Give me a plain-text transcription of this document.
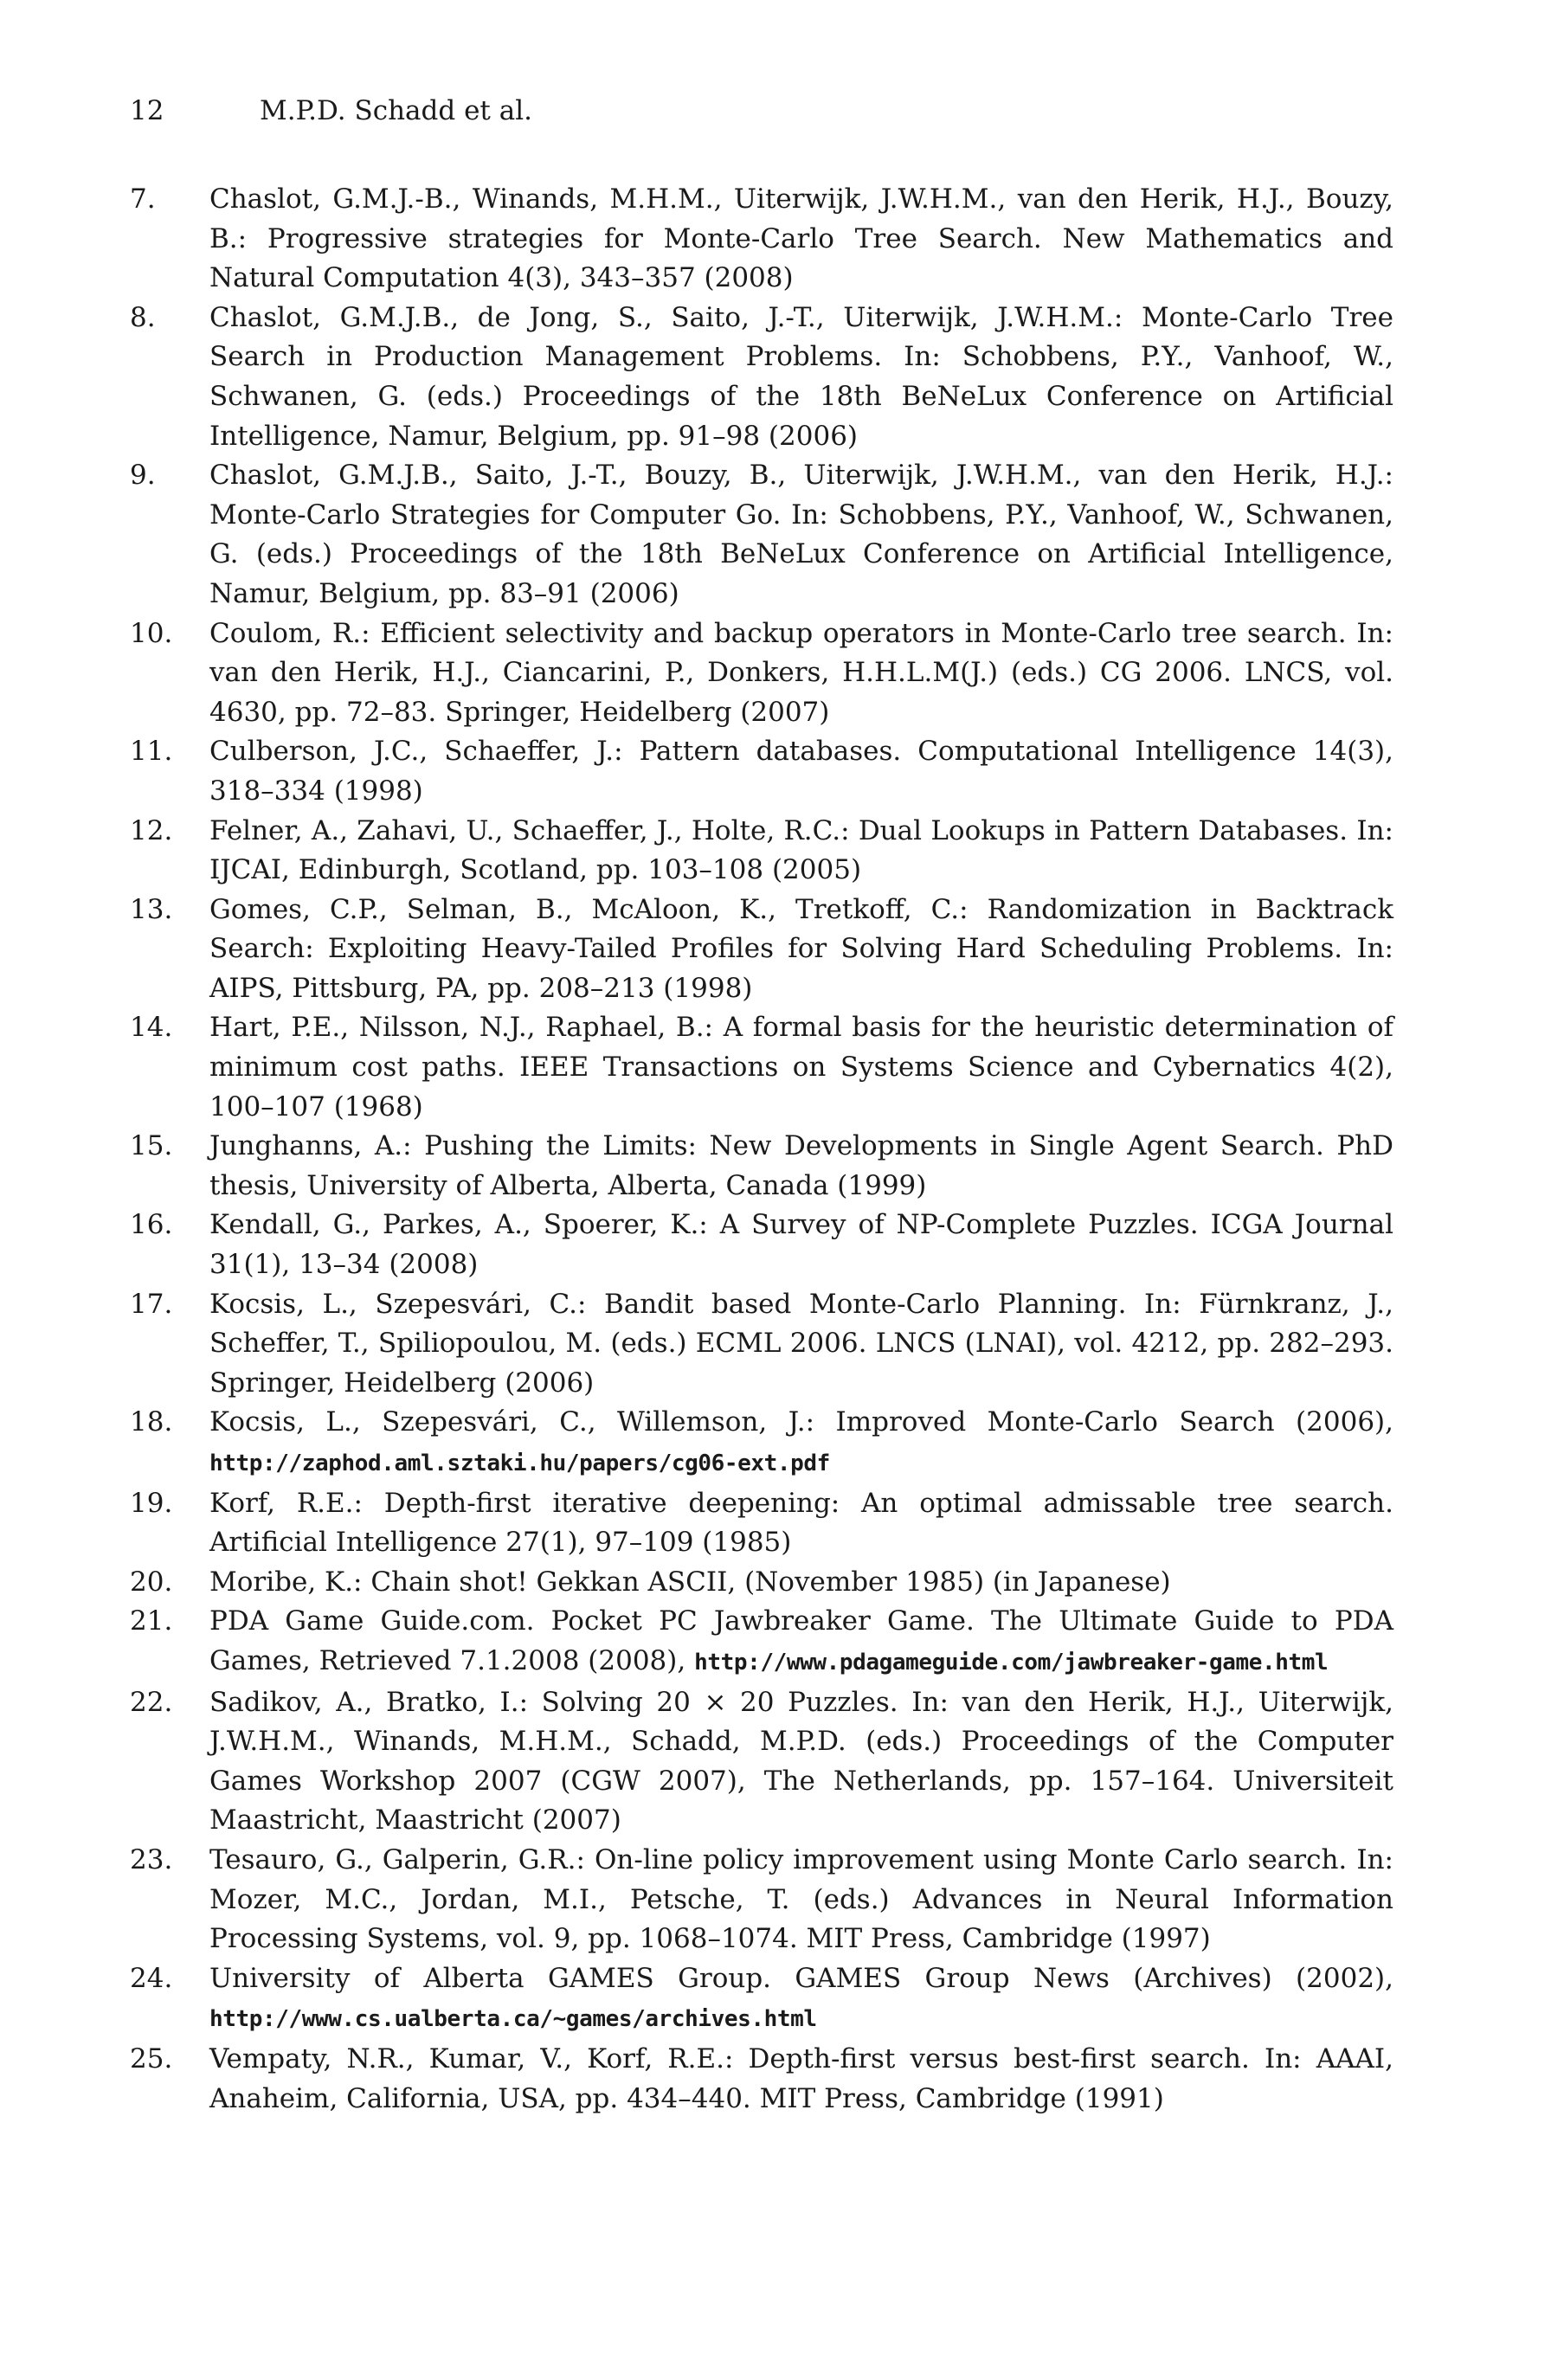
12	M.P.D. Schadd et al.
7.	Chaslot, G.M.J.-B., Winands, M.H.M., Uiterwijk, J.W.H.M., van den Herik, H.J., Bouzy, B.: Progressive strategies for Monte-Carlo Tree Search. New Mathematics and Natural Computation 4(3), 343–357 (2008)
8.	Chaslot, G.M.J.B., de Jong, S., Saito, J.-T., Uiterwijk, J.W.H.M.: Monte-Carlo Tree Search in Production Management Problems. In: Schobbens, P.Y., Vanhoof, W., Schwanen, G. (eds.) Proceedings of the 18th BeNeLux Conference on Artificial Intelligence, Namur, Belgium, pp. 91–98 (2006)
9.	Chaslot, G.M.J.B., Saito, J.-T., Bouzy, B., Uiterwijk, J.W.H.M., van den Herik, H.J.: Monte-Carlo Strategies for Computer Go. In: Schobbens, P.Y., Vanhoof, W., Schwanen, G. (eds.) Proceedings of the 18th BeNeLux Conference on Artificial Intelligence, Namur, Belgium, pp. 83–91 (2006)
10.	Coulom, R.: Efficient selectivity and backup operators in Monte-Carlo tree search. In: van den Herik, H.J., Ciancarini, P., Donkers, H.H.L.M(J.) (eds.) CG 2006. LNCS, vol. 4630, pp. 72–83. Springer, Heidelberg (2007)
11.	Culberson, J.C., Schaeffer, J.: Pattern databases. Computational Intelligence 14(3), 318–334 (1998)
12.	Felner, A., Zahavi, U., Schaeffer, J., Holte, R.C.: Dual Lookups in Pattern Databases. In: IJCAI, Edinburgh, Scotland, pp. 103–108 (2005)
13.	Gomes, C.P., Selman, B., McAloon, K., Tretkoff, C.: Randomization in Backtrack Search: Exploiting Heavy-Tailed Profiles for Solving Hard Scheduling Problems. In: AIPS, Pittsburg, PA, pp. 208–213 (1998)
14.	Hart, P.E., Nilsson, N.J., Raphael, B.: A formal basis for the heuristic determination of minimum cost paths. IEEE Transactions on Systems Science and Cybernatics 4(2), 100–107 (1968)
15.	Junghanns, A.: Pushing the Limits: New Developments in Single Agent Search. PhD thesis, University of Alberta, Alberta, Canada (1999)
16.	Kendall, G., Parkes, A., Spoerer, K.: A Survey of NP-Complete Puzzles. ICGA Journal 31(1), 13–34 (2008)
17.	Kocsis, L., Szepesvári, C.: Bandit based Monte-Carlo Planning. In: Fürnkranz, J., Scheffer, T., Spiliopoulou, M. (eds.) ECML 2006. LNCS (LNAI), vol. 4212, pp. 282–293. Springer, Heidelberg (2006)
18.	Kocsis, L., Szepesvári, C., Willemson, J.: Improved Monte-Carlo Search (2006), http://zaphod.aml.sztaki.hu/papers/cg06-ext.pdf
19.	Korf, R.E.: Depth-first iterative deepening: An optimal admissable tree search. Artificial Intelligence 27(1), 97–109 (1985)
20.	Moribe, K.: Chain shot! Gekkan ASCII, (November 1985) (in Japanese)
21.	PDA Game Guide.com. Pocket PC Jawbreaker Game. The Ultimate Guide to PDA Games, Retrieved 7.1.2008 (2008), http://www.pdagameguide.com/jawbreaker-game.html
22.	Sadikov, A., Bratko, I.: Solving 20 × 20 Puzzles. In: van den Herik, H.J., Uiterwijk, J.W.H.M., Winands, M.H.M., Schadd, M.P.D. (eds.) Proceedings of the Computer Games Workshop 2007 (CGW 2007), The Netherlands, pp. 157–164. Universiteit Maastricht, Maastricht (2007)
23.	Tesauro, G., Galperin, G.R.: On-line policy improvement using Monte Carlo search. In: Mozer, M.C., Jordan, M.I., Petsche, T. (eds.) Advances in Neural Information Processing Systems, vol. 9, pp. 1068–1074. MIT Press, Cambridge (1997)
24.	University of Alberta GAMES Group. GAMES Group News (Archives) (2002), http://www.cs.ualberta.ca/~games/archives.html
25.	Vempaty, N.R., Kumar, V., Korf, R.E.: Depth-first versus best-first search. In: AAAI, Anaheim, California, USA, pp. 434–440. MIT Press, Cambridge (1991)
